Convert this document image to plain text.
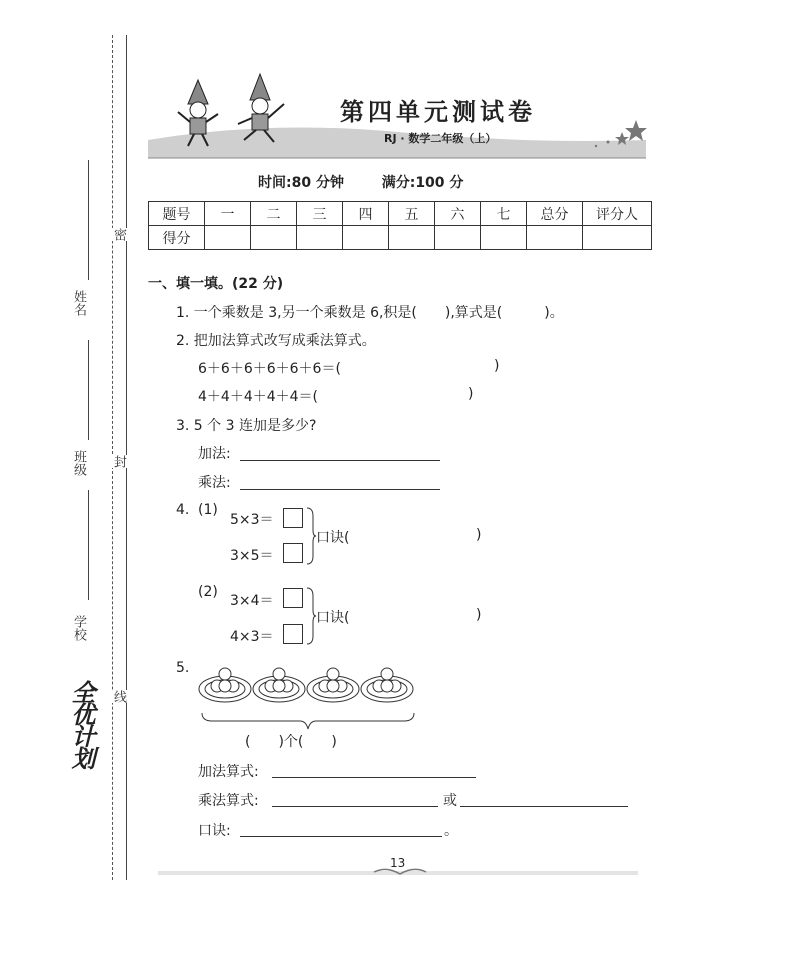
姓名
班级
学校
密
封
线
全优计划
第四单元测试卷
RJ · 数学二年级（上）
时间:80 分钟	满分:100 分
题号	一	二	三	四	五	六	七	总分	评分人
得分									
一、填一填。(22 分)
1. 一个乘数是 3,另一个乘数是 6,积是(　　),算式是(　　　)。
2. 把加法算式改写成乘法算式。
6＋6＋6＋6＋6＋6＝(	)
4＋4＋4＋4＋4＝(	)
3. 5 个 3 连加是多少?
加法:
乘法:
4. (1)
5×3＝
3×5＝
口诀(	)
(2)
3×4＝
4×3＝
口诀(	)
5.
(　　)个(　　)
加法算式:
乘法算式:	或
口诀:	。
13
